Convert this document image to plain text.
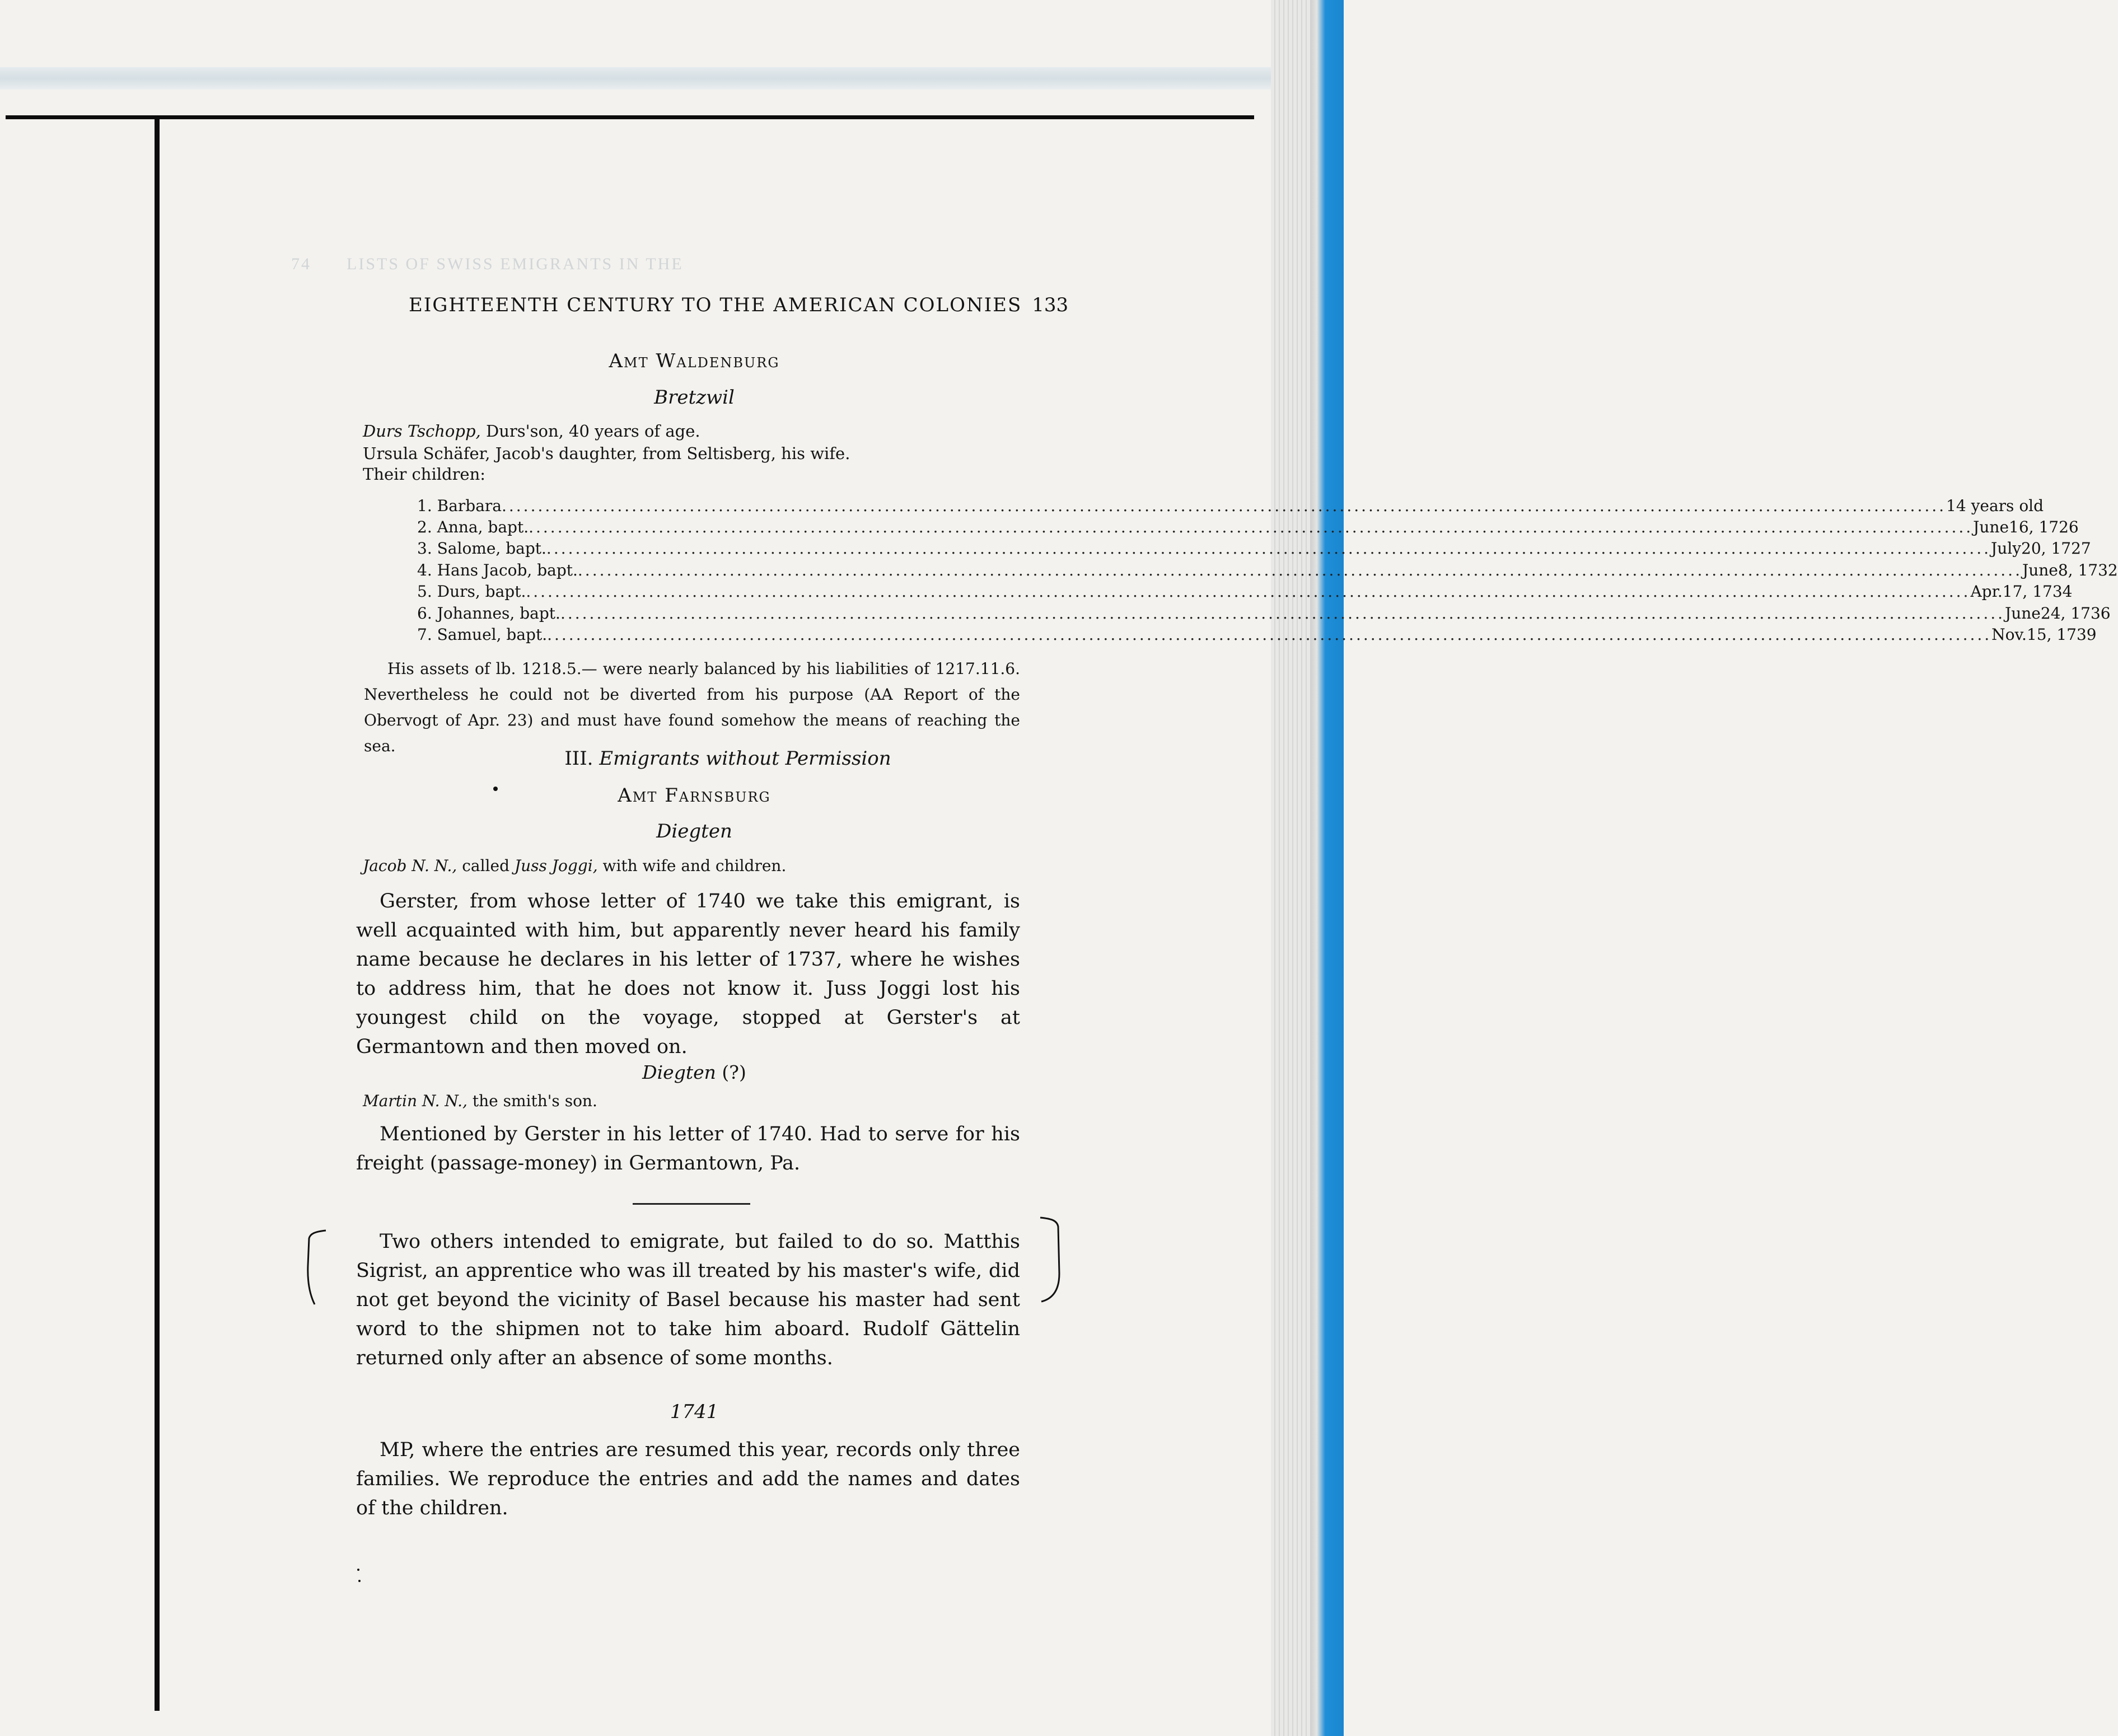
74      LISTS OF SWISS EMIGRANTS IN THE
EIGHTEENTH CENTURY TO THE AMERICAN COLONIES 133
Amt Waldenburg
Bretzwil
Durs Tschopp, Durs'son, 40 years of age.
Ursula Schäfer, Jacob's daughter, from Seltisberg, his wife.
Their children:
1. Barbara ........................................................................................................................................................................................................ 14 years old
2. Anna, bapt. ........................................................................................................................................................................................................ June 16, 1726
3. Salome, bapt. ........................................................................................................................................................................................................ July 20, 1727
4. Hans Jacob, bapt. ........................................................................................................................................................................................................ June 8, 1732
5. Durs, bapt. ........................................................................................................................................................................................................ Apr. 17, 1734
6. Johannes, bapt. ........................................................................................................................................................................................................ June 24, 1736
7. Samuel, bapt. ........................................................................................................................................................................................................ Nov. 15, 1739
His assets of lb. 1218.5.— were nearly balanced by his liabilities of 1217.11.6. Nevertheless he could not be diverted from his purpose (AA Report of the Obervogt of Apr. 23) and must have found somehow the means of reaching the sea.
III. Emigrants without Permission
Amt Farnsburg
Diegten
Jacob N. N., called Juss Joggi, with wife and children.
Gerster, from whose letter of 1740 we take this emigrant, is well acquainted with him, but apparently never heard his family name because he declares in his letter of 1737, where he wishes to address him, that he does not know it. Juss Joggi lost his youngest child on the voyage, stopped at Gerster's at Germantown and then moved on.
Diegten (?)
Martin N. N., the smith's son.
Mentioned by Gerster in his letter of 1740. Had to serve for his freight (passage-money) in Germantown, Pa.
Two others intended to emigrate, but failed to do so. Matthis Sigrist, an apprentice who was ill treated by his master's wife, did not get beyond the vicinity of Basel because his master had sent word to the shipmen not to take him aboard. Rudolf Gättelin returned only after an absence of some months.
1741
MP, where the entries are resumed this year, records only three families. We reproduce the entries and add the names and dates of the children.
